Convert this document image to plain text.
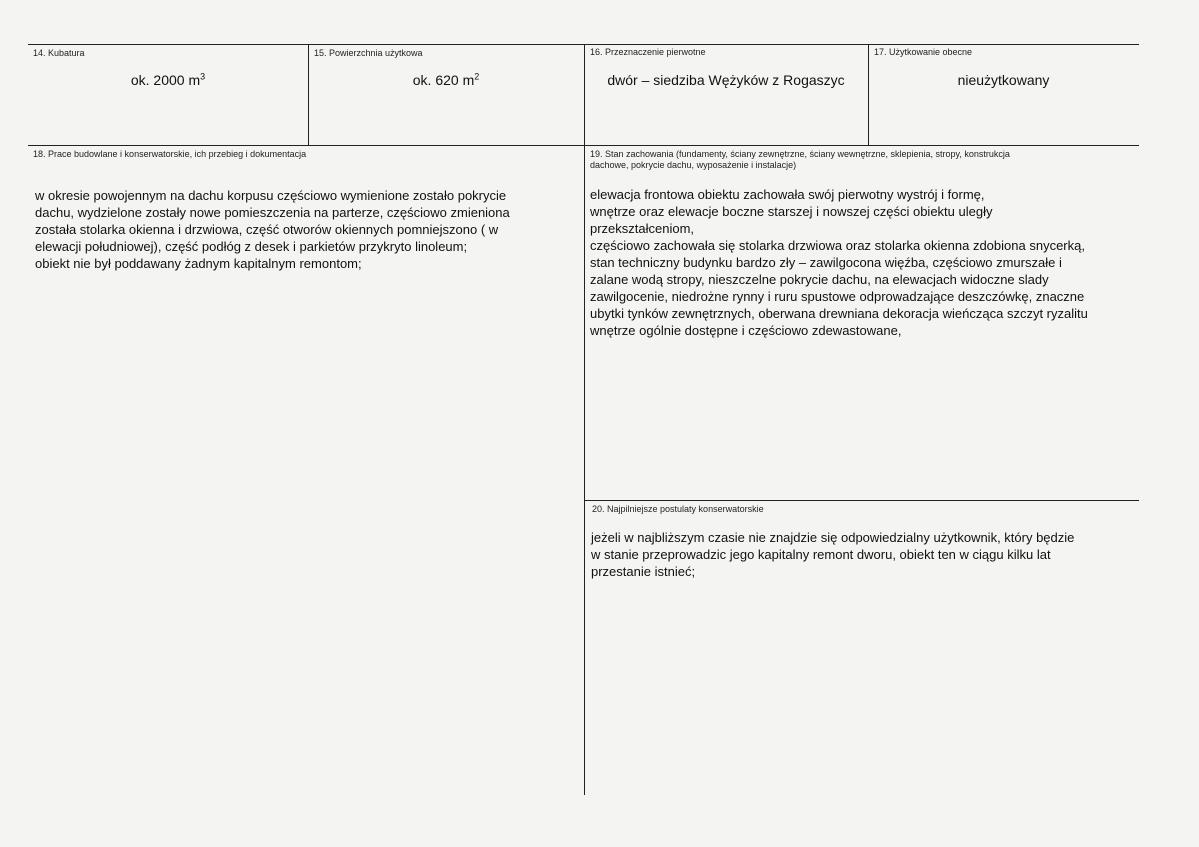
14. Kubatura
ok. 2000 $m^3$
15. Powierzchnia użytkowa
ok. 620 $m^2$
16. Przeznaczenie pierwotne
dwór – siedziba Wężyków z Rogaszyc
17. Użytkowanie obecne
nieużytkowany
18. Prace budowlane i konserwatorskie, ich przebieg i dokumentacja

w okresie powojennym na dachu korpusu częściowo wymienione zostało pokrycie

dachu, wydzielone zostały nowe pomieszczenia na parterze, częściowo zmieniona

została stolarka okienna i drzwiowa, część otworów okiennych pomniejszono ( w

elewacji południowej), część podłóg z desek i parkietów przykryto linoleum;

obiekt nie był poddawany żadnym kapitalnym remontom;

19. Stan zachowania (fundamenty, ściany zewnętrzne, ściany wewnętrzne, sklepienia, stropy, konstrukcja
dachowe, pokrycie dachu, wyposażenie i instalacje)

elewacja frontowa obiektu zachowała swój pierwotny wystrój i formę,

wnętrze oraz elewacje boczne starszej i nowszej części obiektu uległy

przekształceniom,

częściowo zachowała się stolarka drzwiowa oraz stolarka okienna zdobiona snycerką,

stan techniczny budynku bardzo zły – zawilgocona więźba, częściowo zmurszałe i

zalane wodą stropy, nieszczelne pokrycie dachu, na elewacjach widoczne slady

zawilgocenie, niedrożne rynny i ruru spustowe odprowadzające deszczówkę, znaczne

ubytki tynków zewnętrznych, oberwana drewniana dekoracja wieńcząca szczyt ryzalitu

wnętrze ogólnie dostępne i częściowo zdewastowane,

20. Najpilniejsze postulaty konserwatorskie

jeżeli w najbliższym czasie nie znajdzie się odpowiedzialny użytkownik, który będzie

w stanie przeprowadzic jego kapitalny remont dworu, obiekt ten w ciągu kilku lat

przestanie istnieć;
